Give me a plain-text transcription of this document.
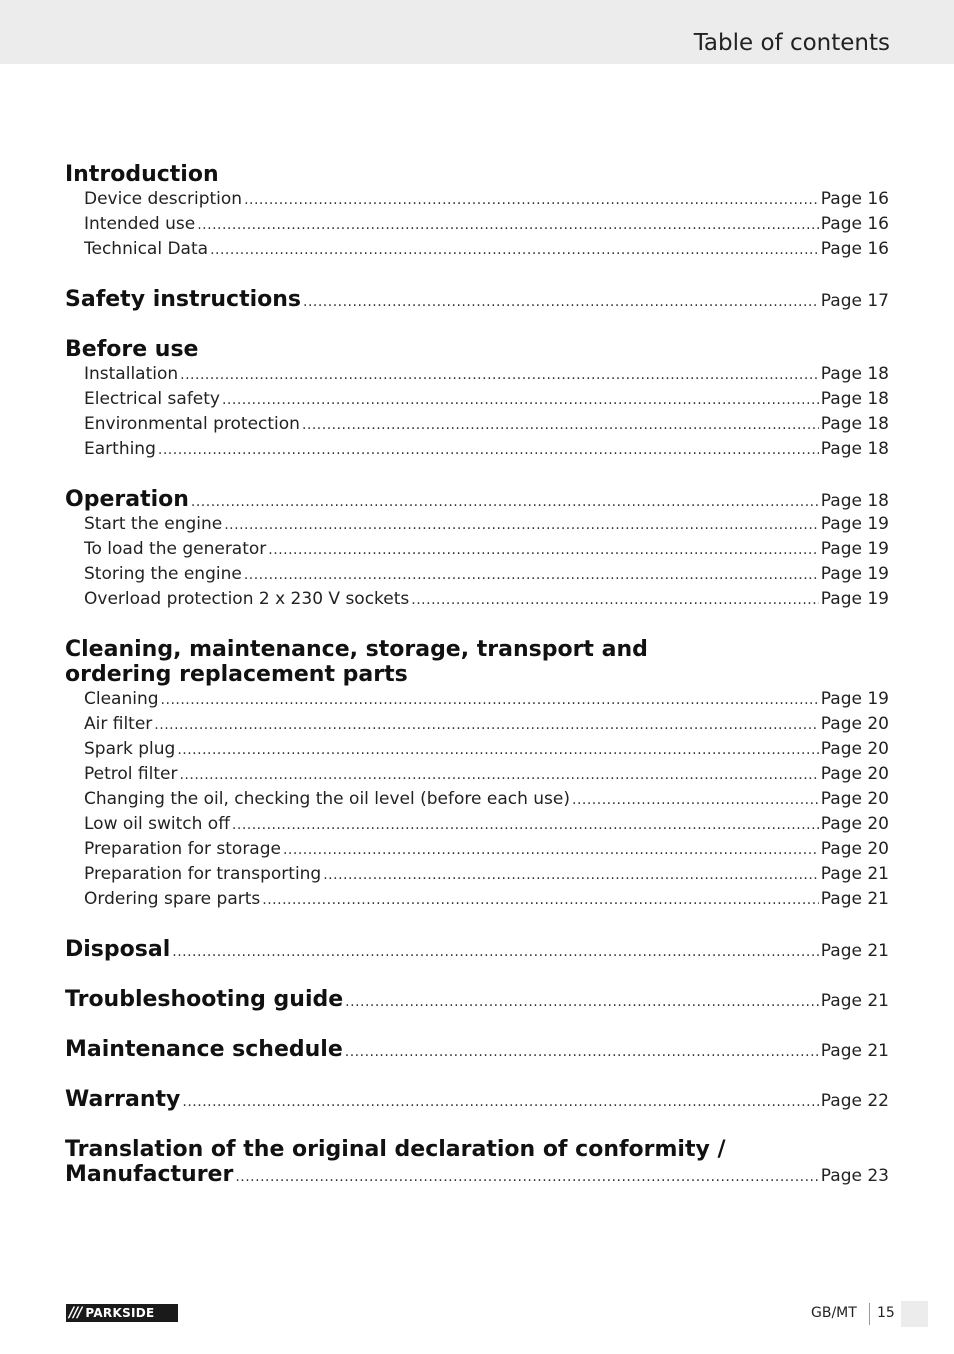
Table of contents
Introduction
Device description .....	Page 16
Intended use .....	Page 16
Technical Data .....	Page 16
Safety instructions .....	Page 17
Before use
Installation .....	Page 18
Electrical safety .....	Page 18
Environmental protection .....	Page 18
Earthing .....	Page 18
Operation .....	Page 18
Start the engine .....	Page 19
To load the generator .....	Page 19
Storing the engine .....	Page 19
Overload protection 2 x 230 V sockets .....	Page 19
Cleaning, maintenance, storage, transport and
ordering replacement parts
Cleaning .....	Page 19
Air filter .....	Page 20
Spark plug .....	Page 20
Petrol filter .....	Page 20
Changing the oil, checking the oil level (before each use) .....	Page 20
Low oil switch off .....	Page 20
Preparation for storage .....	Page 20
Preparation for transporting .....	Page 21
Ordering spare parts .....	Page 21
Disposal .....	Page 21
Troubleshooting guide .....	Page 21
Maintenance schedule .....	Page 21
Warranty .....	Page 22
Translation of the original declaration of conformity /
Manufacturer .....	Page 23
/// PARKSIDE	GB/MT 15
